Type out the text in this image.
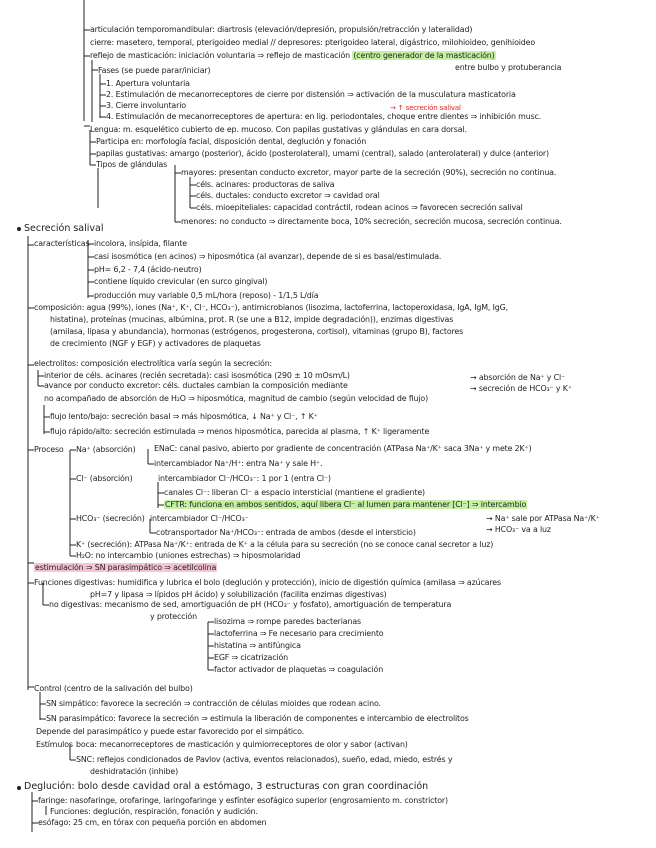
articulación temporomandibular: diartrosis (elevación/depresión, propulsión/retracción y lateralidad)
cierre: masetero, temporal, pterigoideo medial // depresores: pterigoideo lateral, digástrico, milohioideo, genihioideo
reflejo de masticación: iniciación voluntaria ⇒ reflejo de masticación (centro generador de la masticación)
entre bulbo y protuberancia
Fases (se puede parar/iniciar)
1. Apertura voluntaria
2. Estimulación de mecanorreceptores de cierre por distensión ⇒ activación de la musculatura masticatoria
3. Cierre involuntario	→ ↑ secreción salival
4. Estimulación de mecanorreceptores de apertura: en lig. periodontales, choque entre dientes ⇒ inhibición musc.
Lengua: m. esquelético cubierto de ep. mucoso. Con papilas gustativas y glándulas en cara dorsal.
Participa en: morfología facial, disposición dental, deglución y fonación
papilas gustativas: amargo (posterior), ácido (posterolateral), umami (central), salado (anterolateral) y dulce (anterior)
Tipos de glándulas
mayores: presentan conducto excretor, mayor parte de la secreción (90%), secreción no continua.
céls. acinares: productoras de saliva
céls. ductales: conducto excretor ⇒ cavidad oral
céls. mioepiteliales: capacidad contráctil, rodean acinos ⇒ favorecen secreción salival
menores: no conducto ⇒ directamente boca, 10% secreción, secreción mucosa, secreción continua.
Secreción salival
características incolora, insípida, filante
casi isosmótica (en acinos) ⇒ hiposmótica (al avanzar), depende de si es basal/estimulada.
pH= 6,2 - 7,4 (ácido-neutro)
contiene líquido crevicular (en surco gingival)
producción muy variable 0,5 mL/hora (reposo) - 1/1,5 L/día
composición: agua (99%), iones (Na⁺, K⁺, Cl⁻, HCO₃⁻), antimicrobianos (lisozima, lactoferrina, lactoperoxidasa, IgA, IgM, IgG,
histatina), proteínas (mucinas, albúmina, prot. R (se une a B12, impide degradación)), enzimas digestivas
(amilasa, lipasa y abundancia), hormonas (estrógenos, progesterona, cortisol), vitaminas (grupo B), factores
de crecimiento (NGF y EGF) y activadores de plaquetas
electrolitos: composición electrolítica varía según la secreción:
interior de céls. acinares (recién secretada): casi isosmótica (290 ± 10 mOsm/L)
avance por conducto excretor: céls. ductales cambian la composición mediante
→ absorción de Na⁺ y Cl⁻
→ secreción de HCO₃⁻ y K⁺
no acompañado de absorción de H₂O ⇒ hiposmótica, magnitud de cambio (según velocidad de flujo)
flujo lento/bajo: secreción basal ⇒ más hiposmótica, ↓ Na⁺ y Cl⁻, ↑ K⁺
flujo rápido/alto: secreción estimulada ⇒ menos hiposmótica, parecida al plasma, ↑ K⁺ ligeramente
Proceso Na⁺ (absorción) ENaC: canal pasivo, abierto por gradiente de concentración (ATPasa Na⁺/K⁺ saca 3Na⁺ y mete 2K⁺)
intercambiador Na⁺/H⁺: entra Na⁺ y sale H⁺.
Cl⁻ (absorción)	intercambiador Cl⁻/HCO₃⁻: 1 por 1 (entra Cl⁻)
canales Cl⁻: liberan Cl⁻ a espacio intersticial (mantiene el gradiente)
CFTR: funciona en ambos sentidos, aquí libera Cl⁻ al lumen para mantener [Cl⁻] ⇒ intercambio
HCO₃⁻ (secreción) intercambiador Cl⁻/HCO₃⁻
cotransportador Na⁺/HCO₃⁻: entrada de ambos (desde el intersticio)
→ Na⁺ sale por ATPasa Na⁺/K⁺
→ HCO₃⁻ va a luz
K⁺ (secreción): ATPasa Na⁺/K⁺: entrada de K⁺ a la célula para su secreción (no se conoce canal secretor a luz)
H₂O: no intercambio (uniones estrechas) ⇒ hiposmolaridad
estimulación ⇒ SN parasimpático ⇒ acetilcolina
Funciones digestivas: humidifica y lubrica el bolo (deglución y protección), inicio de digestión química (amilasa ⇒ azúcares
pH=7 y lipasa ⇒ lípidos pH ácido) y solubilización (facilita enzimas digestivas)
no digestivas: mecanismo de sed, amortiguación de pH (HCO₃⁻ y fosfato), amortiguación de temperatura
y protección
lisozima ⇒ rompe paredes bacterianas
lactoferrina ⇒ Fe necesario para crecimiento
histatina ⇒ antifúngica
EGF ⇒ cicatrización
factor activador de plaquetas ⇒ coagulación
Control (centro de la salivación del bulbo)
SN simpático: favorece la secreción ⇒ contracción de células mioides que rodean acino.
SN parasimpático: favorece la secreción ⇒ estimula la liberación de componentes e intercambio de electrolitos
Depende del parasimpático y puede estar favorecido por el simpático.
Estímulos boca: mecanorreceptores de masticación y quimiorreceptores de olor y sabor (activan)
SNC: reflejos condicionados de Pavlov (activa, eventos relacionados), sueño, edad, miedo, estrés y
deshidratación (inhibe)
Deglución: bolo desde cavidad oral a estómago, 3 estructuras con gran coordinación
faringe: nasofaringe, orofaringe, laringofaringe y esfínter esofágico superior (engrosamiento m. constrictor)
Funciones: deglución, respiración, fonación y audición.
esófago: 25 cm, en tórax con pequeña porción en abdomen
